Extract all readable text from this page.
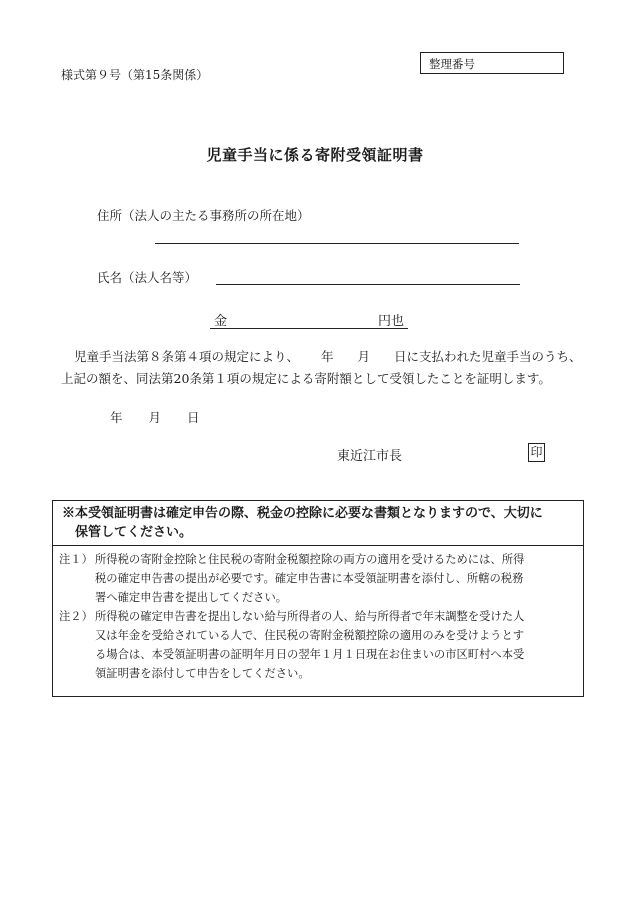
様式第９号（第15条関係）
整理番号
児童手当に係る寄附受領証明書
住所（法人の主たる事務所の所在地）
氏名（法人名等）
金	円也
児童手当法第８条第４項の規定により、 年 月 日に支払われた児童手当のうち、
上記の額を、同法第20条第１項の規定による寄附額として受領したことを証明します。
年 月 日
東近江市長	印
※本受領証明書は確定申告の際、税金の控除に必要な書類となりますので、大切に
保管してください。
注１） 所得税の寄附金控除と住民税の寄附金税額控除の両方の適用を受けるためには、所得
税の確定申告書の提出が必要です。確定申告書に本受領証明書を添付し、所轄の税務
署へ確定申告書を提出してください。
注２） 所得税の確定申告書を提出しない給与所得者の人、給与所得者で年末調整を受けた人
又は年金を受給されている人で、住民税の寄附金税額控除の適用のみを受けようとす
る場合は、本受領証明書の証明年月日の翌年１月１日現在お住まいの市区町村へ本受
領証明書を添付して申告をしてください。
